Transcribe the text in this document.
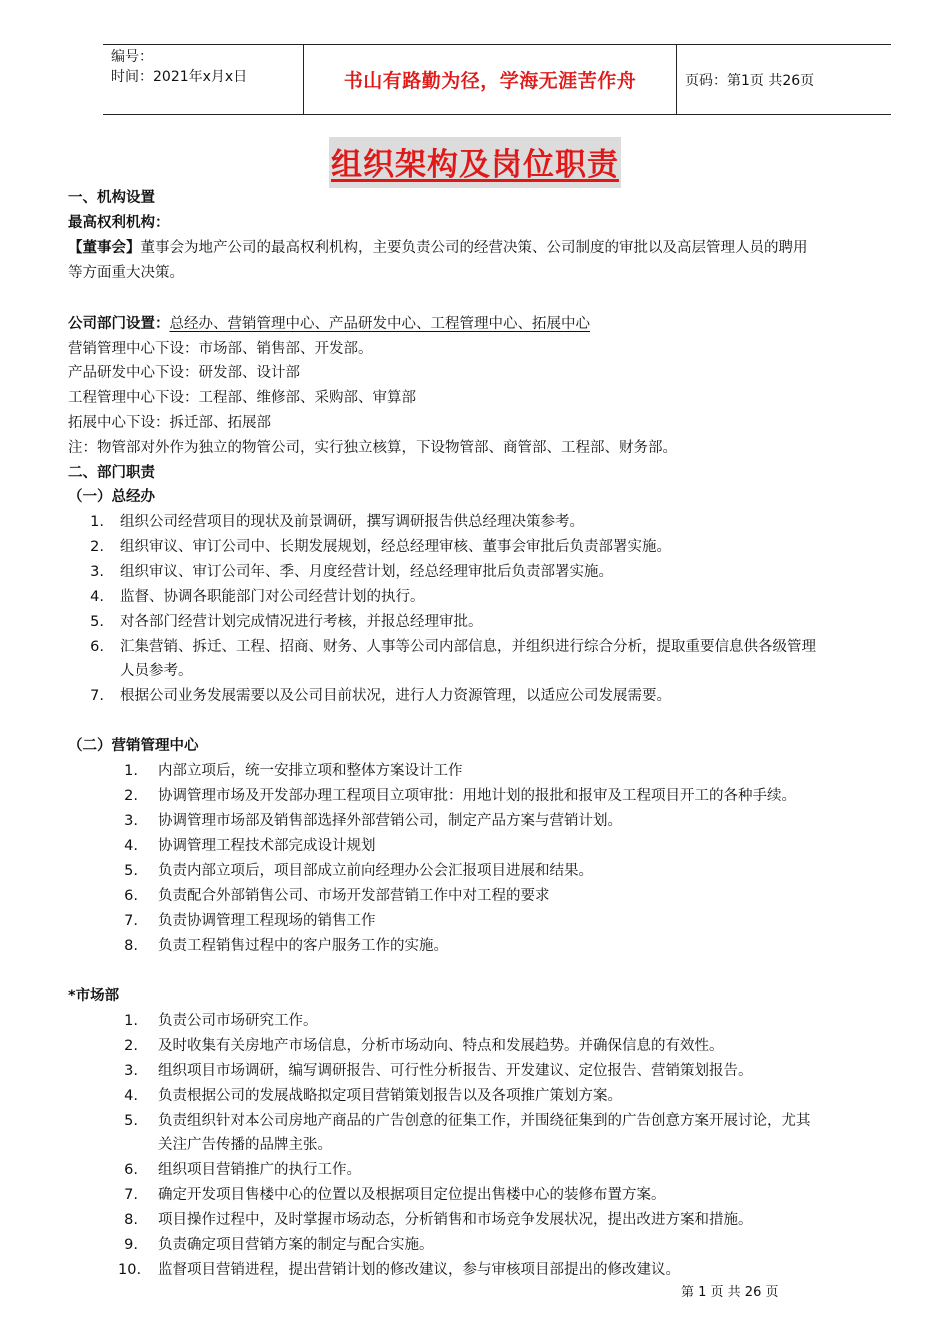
编号：
时间：2021年x月x日	书山有路勤为径，学海无涯苦作舟	页码：第1页 共26页
组织架构及岗位职责
一、机构设置
最高权利机构：
【董事会】董事会为地产公司的最高权利机构，主要负责公司的经营决策、公司制度的审批以及高层管理人员的聘用
等方面重大决策。
公司部门设置：总经办、营销管理中心、产品研发中心、工程管理中心、拓展中心
营销管理中心下设：市场部、销售部、开发部。
产品研发中心下设：研发部、设计部
工程管理中心下设：工程部、维修部、采购部、审算部
拓展中心下设：拆迁部、拓展部
注：物管部对外作为独立的物管公司，实行独立核算，下设物管部、商管部、工程部、财务部。
二、部门职责
（一）总经办
1. 组织公司经营项目的现状及前景调研，撰写调研报告供总经理决策参考。
2. 组织审议、审订公司中、长期发展规划，经总经理审核、董事会审批后负责部署实施。
3. 组织审议、审订公司年、季、月度经营计划，经总经理审批后负责部署实施。
4. 监督、协调各职能部门对公司经营计划的执行。
5. 对各部门经营计划完成情况进行考核，并报总经理审批。
6. 汇集营销、拆迁、工程、招商、财务、人事等公司内部信息，并组织进行综合分析，提取重要信息供各级管理
人员参考。
7. 根据公司业务发展需要以及公司目前状况，进行人力资源管理，以适应公司发展需要。
（二）营销管理中心
1. 内部立项后，统一安排立项和整体方案设计工作
2. 协调管理市场及开发部办理工程项目立项审批：用地计划的报批和报审及工程项目开工的各种手续。
3. 协调管理市场部及销售部选择外部营销公司，制定产品方案与营销计划。
4. 协调管理工程技术部完成设计规划
5. 负责内部立项后，项目部成立前向经理办公会汇报项目进展和结果。
6. 负责配合外部销售公司、市场开发部营销工作中对工程的要求
7. 负责协调管理工程现场的销售工作
8. 负责工程销售过程中的客户服务工作的实施。
*市场部
1. 负责公司市场研究工作。
2. 及时收集有关房地产市场信息，分析市场动向、特点和发展趋势。并确保信息的有效性。
3. 组织项目市场调研，编写调研报告、可行性分析报告、开发建议、定位报告、营销策划报告。
4. 负责根据公司的发展战略拟定项目营销策划报告以及各项推广策划方案。
5. 负责组织针对本公司房地产商品的广告创意的征集工作，并围绕征集到的广告创意方案开展讨论，尤其
关注广告传播的品牌主张。
6. 组织项目营销推广的执行工作。
7. 确定开发项目售楼中心的位置以及根据项目定位提出售楼中心的装修布置方案。
8. 项目操作过程中，及时掌握市场动态，分析销售和市场竞争发展状况，提出改进方案和措施。
9. 负责确定项目营销方案的制定与配合实施。
10. 监督项目营销进程，提出营销计划的修改建议，参与审核项目部提出的修改建议。
第 1 页 共 26 页
